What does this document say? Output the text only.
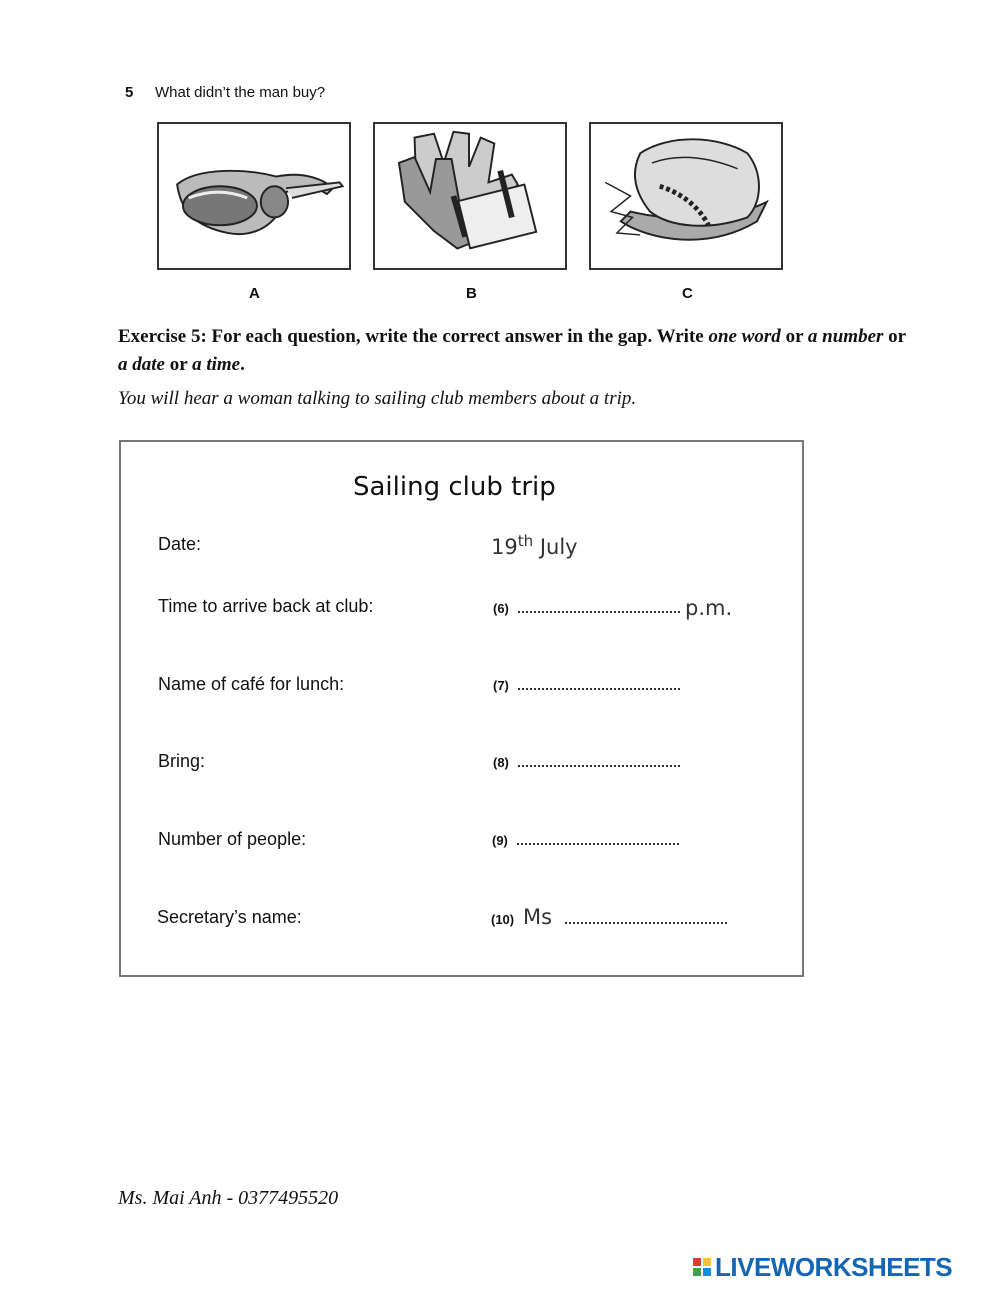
5 What didn’t the man buy?
A	B	C
Exercise 5: For each question, write the correct answer in the gap. Write one word or a number or a date or a time.
You will hear a woman talking to sailing club members about a trip.
Sailing club trip
Date:	19th July
Time to arrive back at club:	(6)	p.m.
Name of café for lunch:	(7)
Bring:	(8)
Number of people:	(9)
Secretary’s name:	(10) Ms
Ms. Mai Anh - 0377495520
LIVEWORKSHEETS
